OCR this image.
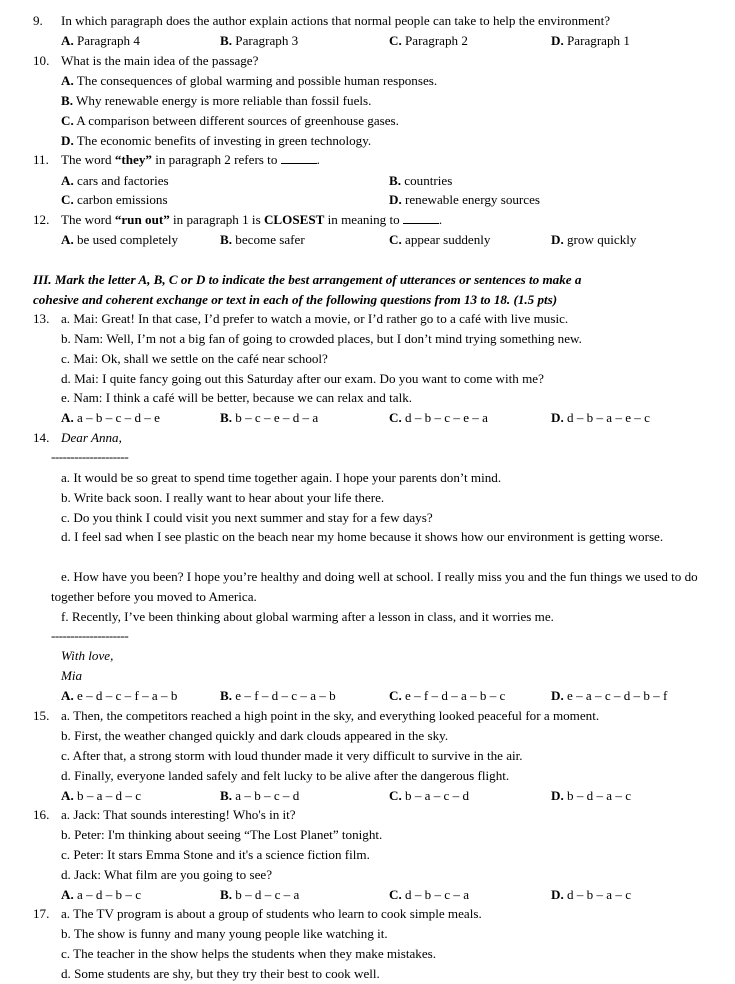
9.	In which paragraph does the author explain actions that normal people can take to help the environment?
A. Paragraph 4	B. Paragraph 3	C. Paragraph 2	D. Paragraph 1
10. What is the main idea of the passage?
A. The consequences of global warming and possible human responses.
B. Why renewable energy is more reliable than fossil fuels.
C. A comparison between different sources of greenhouse gases.
D. The economic benefits of investing in green technology.
11. The word “they” in paragraph 2 refers to	.
A. cars and factories	B. countries
C. carbon emissions	D. renewable energy sources
12. The word “run out” in paragraph 1 is CLOSEST in meaning to	.
A. be used completely	B. become safer	C. appear suddenly	D. grow quickly
III. Mark the letter A, B, C or D to indicate the best arrangement of utterances or sentences to make a
cohesive and coherent exchange or text in each of the following questions from 13 to 18. (1.5 pts)
13. a. Mai: Great! In that case, I’d prefer to watch a movie, or I’d rather go to a café with live music.
b. Nam: Well, I’m not a big fan of going to crowded places, but I don’t mind trying something new.
c. Mai: Ok, shall we settle on the café near school?
d. Mai: I quite fancy going out this Saturday after our exam. Do you want to come with me?
e. Nam: I think a café will be better, because we can relax and talk.
A. a – b – c – d – e	B. b – c – e – d – a	C. d – b – c – e – a	D. d – b – a – e – c
14. Dear Anna,
--------------------
a. It would be so great to spend time together again. I hope your parents don’t mind.
b. Write back soon. I really want to hear about your life there.
c. Do you think I could visit you next summer and stay for a few days?
d. I feel sad when I see plastic on the beach near my home because it shows how our environment is getting worse.
e. How have you been? I hope you’re healthy and doing well at school. I really miss you and the fun things we used to do together before you moved to America.
f. Recently, I’ve been thinking about global warming after a lesson in class, and it worries me.
--------------------
With love,
Mia
A. e – d – c – f – a – b	B. e – f – d – c – a – b	C. e – f – d – a – b – c	D. e – a – c – d – b – f
15. a. Then, the competitors reached a high point in the sky, and everything looked peaceful for a moment.
b. First, the weather changed quickly and dark clouds appeared in the sky.
c. After that, a strong storm with loud thunder made it very difficult to survive in the air.
d. Finally, everyone landed safely and felt lucky to be alive after the dangerous flight.
A. b – a – d – c	B. a – b – c – d	C. b – a – c – d	D. b – d – a – c
16. a. Jack: That sounds interesting! Who's in it?
b. Peter: I'm thinking about seeing “The Lost Planet” tonight.
c. Peter: It stars Emma Stone and it's a science fiction film.
d. Jack: What film are you going to see?
A. a – d – b – c	B. b – d – c – a	C. d – b – c – a	D. d – b – a – c
17. a. The TV program is about a group of students who learn to cook simple meals.
b. The show is funny and many young people like watching it.
c. The teacher in the show helps the students when they make mistakes.
d. Some students are shy, but they try their best to cook well.
